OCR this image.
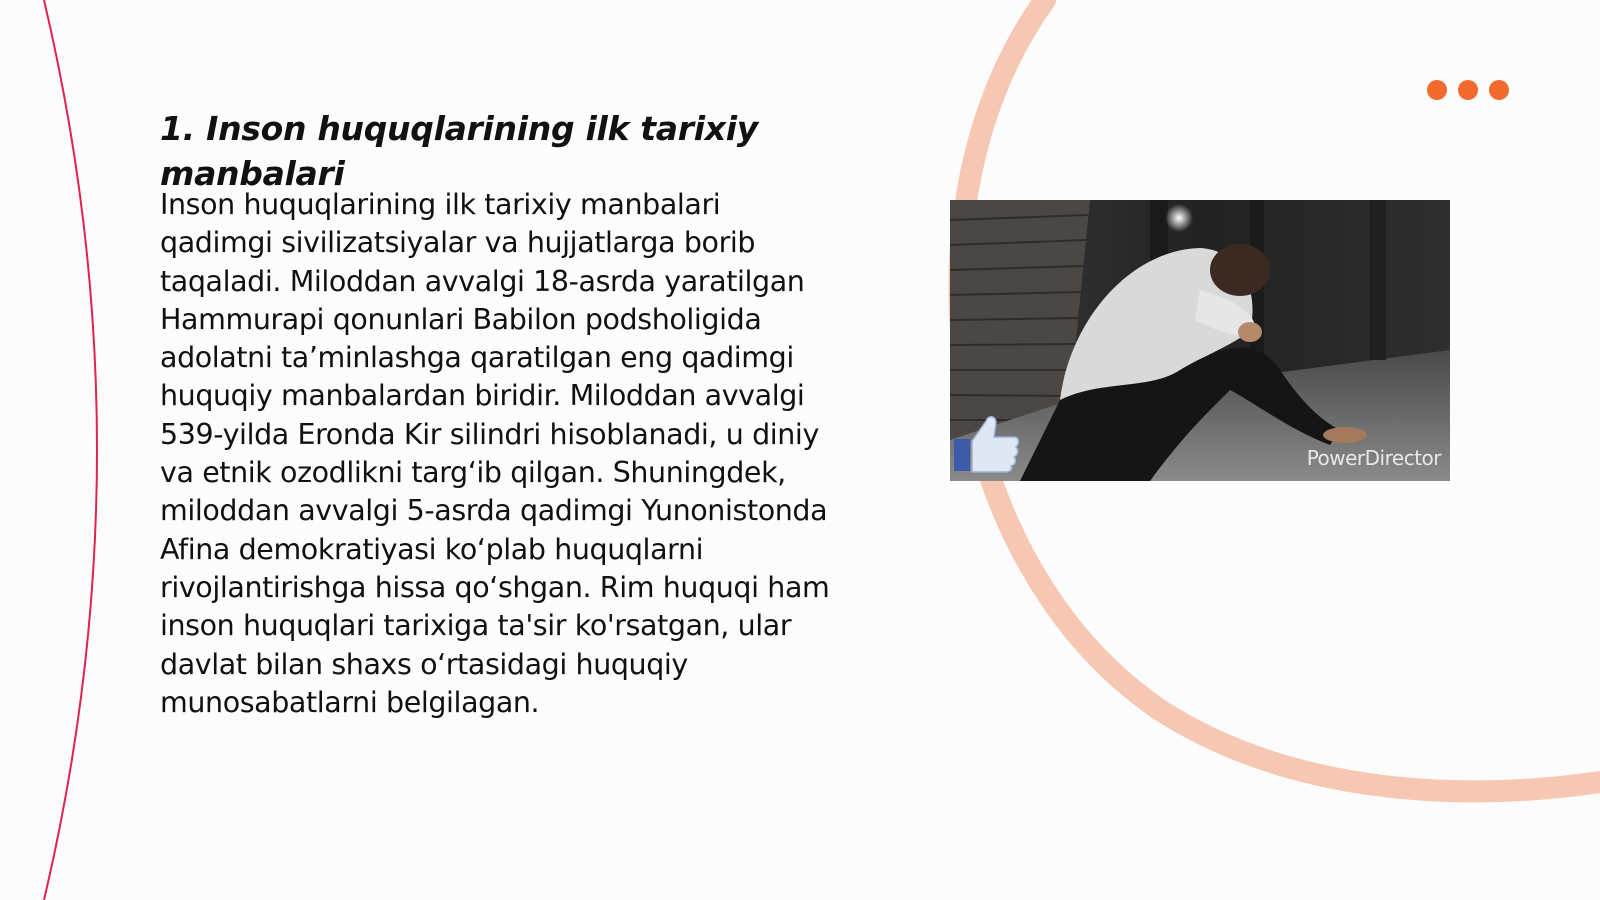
1. Inson huquqlarining ilk tarixiy manbalari

Inson huquqlarining ilk tarixiy manbalari qadimgi sivilizatsiyalar va hujjatlarga borib taqaladi. Miloddan avvalgi 18-asrda yaratilgan Hammurapi qonunlari Babilon podsholigida adolatni ta’minlashga qaratilgan eng qadimgi huquqiy manbalardan biridir. Miloddan avvalgi 539-yilda Eronda Kir silindri hisoblanadi, u diniy va etnik ozodlikni targ‘ib qilgan. Shuningdek, miloddan avvalgi 5-asrda qadimgi Yunonistonda Afina demokratiyasi ko‘plab huquqlarni rivojlantirishga hissa qo‘shgan. Rim huquqi ham inson huquqlari tarixiga ta'sir ko'rsatgan, ular davlat bilan shaxs o‘rtasidagi huquqiy munosabatlarni belgilagan.

PowerDirector
